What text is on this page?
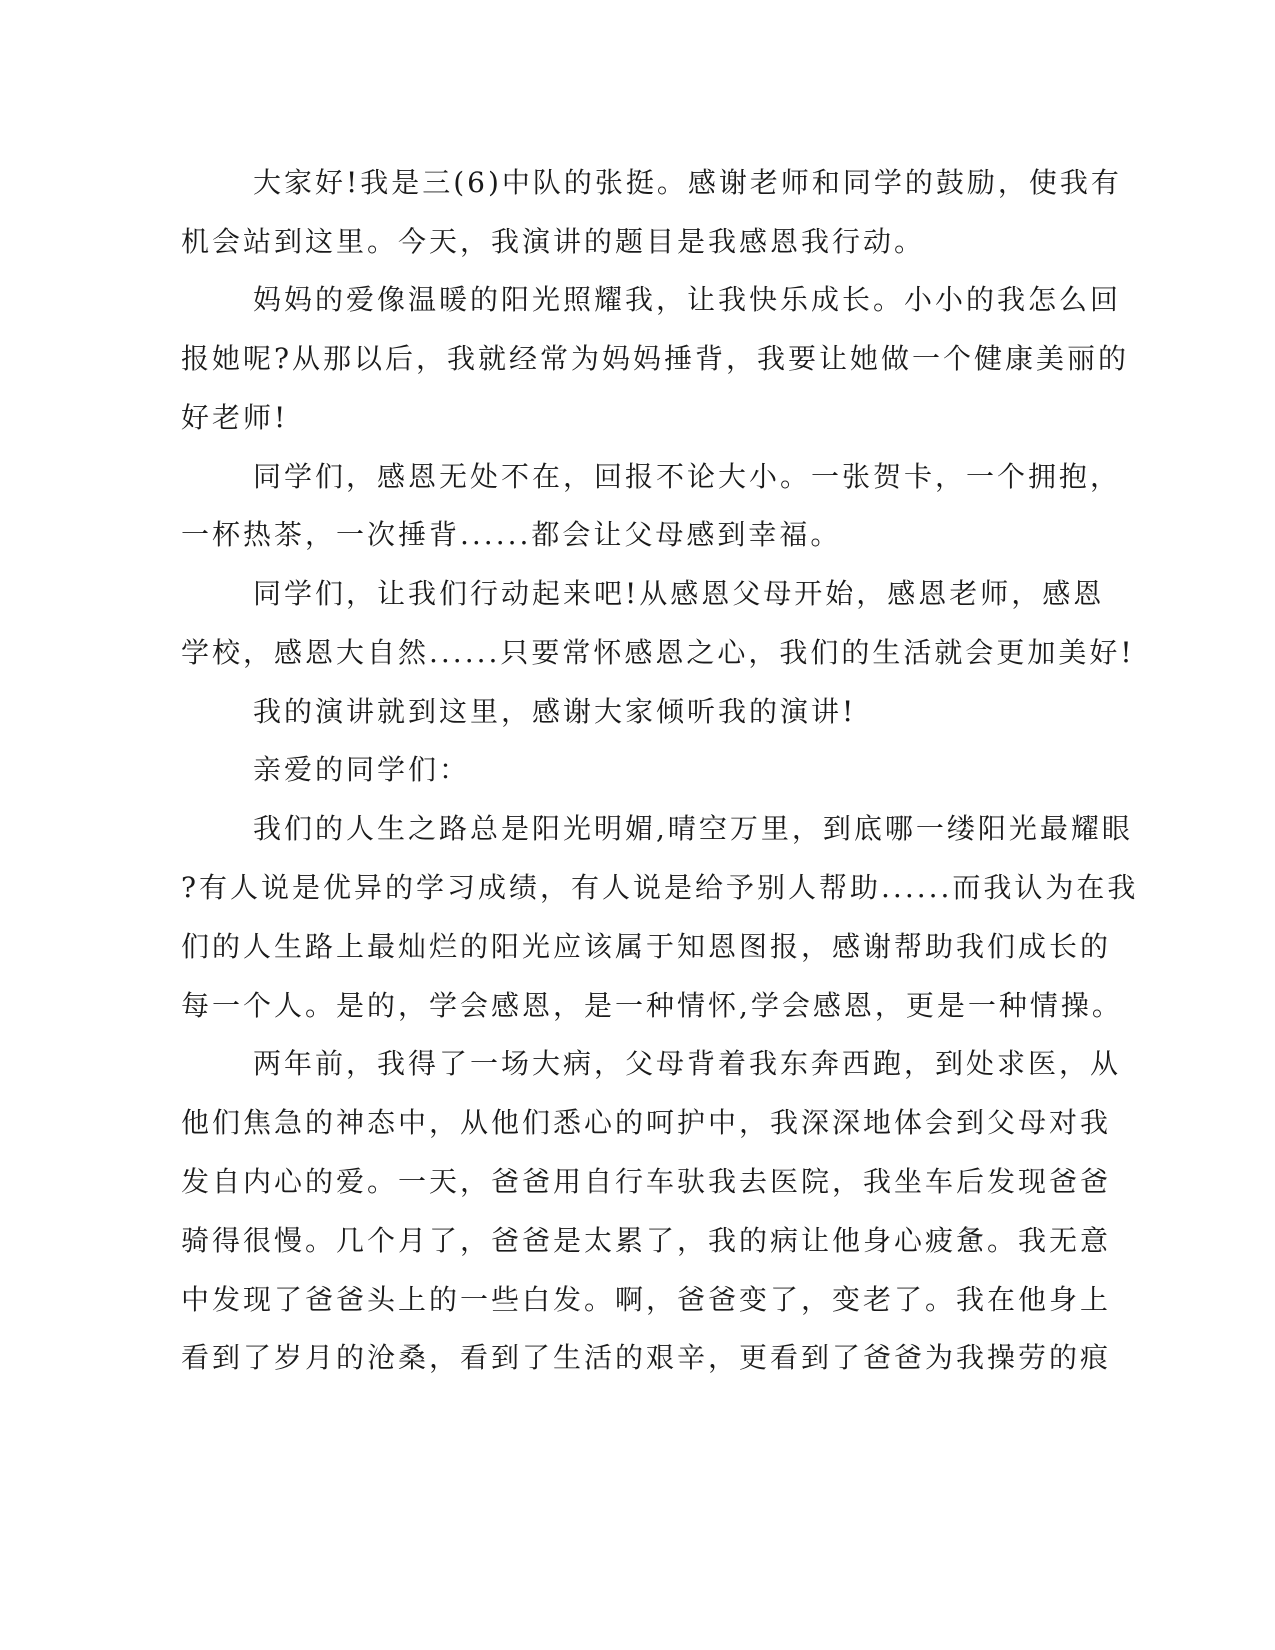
大家好!我是三(6)中队的张挺。感谢老师和同学的鼓励，使我有
机会站到这里。今天，我演讲的题目是我感恩我行动。
妈妈的爱像温暖的阳光照耀我，让我快乐成长。小小的我怎么回
报她呢?从那以后，我就经常为妈妈捶背，我要让她做一个健康美丽的
好老师!
同学们，感恩无处不在，回报不论大小。一张贺卡，一个拥抱，
一杯热茶，一次捶背......都会让父母感到幸福。
同学们，让我们行动起来吧!从感恩父母开始，感恩老师，感恩
学校，感恩大自然......只要常怀感恩之心，我们的生活就会更加美好!
我的演讲就到这里，感谢大家倾听我的演讲!
亲爱的同学们：
我们的人生之路总是阳光明媚,晴空万里，到底哪一缕阳光最耀眼
?有人说是优异的学习成绩，有人说是给予别人帮助......而我认为在我
们的人生路上最灿烂的阳光应该属于知恩图报，感谢帮助我们成长的
每一个人。是的，学会感恩，是一种情怀,学会感恩，更是一种情操。
两年前，我得了一场大病，父母背着我东奔西跑，到处求医，从
他们焦急的神态中，从他们悉心的呵护中，我深深地体会到父母对我
发自内心的爱。一天，爸爸用自行车驮我去医院，我坐车后发现爸爸
骑得很慢。几个月了，爸爸是太累了，我的病让他身心疲惫。我无意
中发现了爸爸头上的一些白发。啊，爸爸变了，变老了。我在他身上
看到了岁月的沧桑，看到了生活的艰辛，更看到了爸爸为我操劳的痕
